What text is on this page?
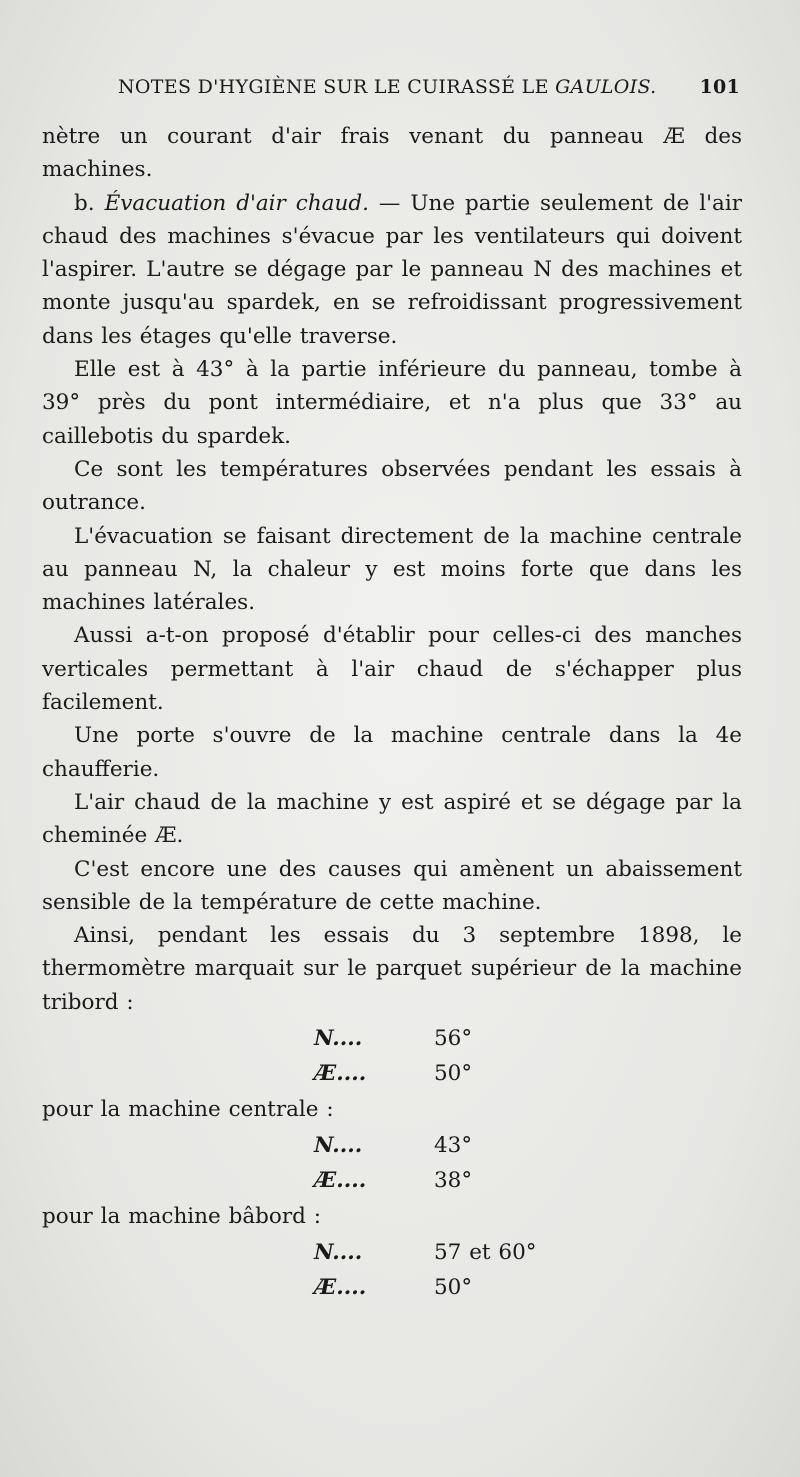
NOTES D'HYGIÈNE SUR LE CUIRASSÉ LE GAULOIS. 101

nètre un courant d'air frais venant du panneau Æ des machines.

b. Évacuation d'air chaud. — Une partie seulement de l'air chaud des machines s'évacue par les ventilateurs qui doivent l'aspirer. L'autre se dégage par le panneau N des machines et monte jusqu'au spardek, en se refroidissant progressivement dans les étages qu'elle traverse.

Elle est à 43° à la partie inférieure du panneau, tombe à 39° près du pont intermédiaire, et n'a plus que 33° au caillebotis du spardek.

Ce sont les températures observées pendant les essais à outrance.

L'évacuation se faisant directement de la machine centrale au panneau N, la chaleur y est moins forte que dans les machines latérales.

Aussi a-t-on proposé d'établir pour celles-ci des manches verticales permettant à l'air chaud de s'échapper plus facilement.

Une porte s'ouvre de la machine centrale dans la 4e chaufferie.

L'air chaud de la machine y est aspiré et se dégage par la cheminée Æ.

C'est encore une des causes qui amènent un abaissement sensible de la température de cette machine.

Ainsi, pendant les essais du 3 septembre 1898, le thermomètre marquait sur le parquet supérieur de la machine tribord :

N....	56°
Æ....	50°

pour la machine centrale :

N....	43°
Æ....	38°

pour la machine bâbord :

N....	57 et 60°
Æ....	50°
